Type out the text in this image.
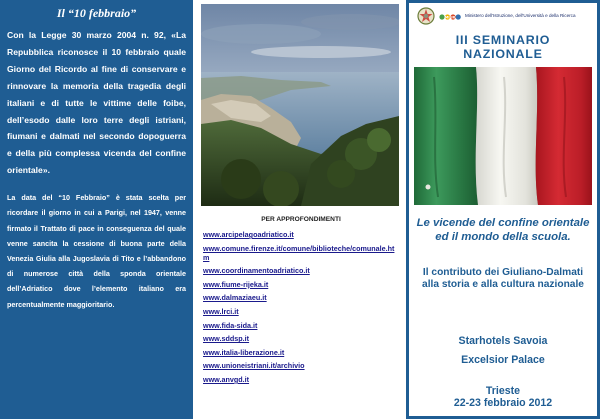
Il “10 febbraio”

Con la Legge 30 marzo 2004 n. 92, «La Repubblica riconosce il 10 febbraio quale Giorno del Ricordo al fine di conservare e rinnovare la memoria della tragedia degli italiani e di tutte le vittime delle foibe, dell’esodo dalle loro terre degli istriani, fiumani e dalmati nel secondo dopoguerra e della più complessa vicenda del confine orientale».

La data del “10 Febbraio” è stata scelta per ricordare il giorno in cui a Parigi, nel 1947, venne firmato il Trattato di pace in conseguenza del quale venne sancita la cessione di buona parte della Venezia Giulia alla Jugoslavia di Tito e l’abbandono di numerose città della sponda orientale dell’Adriatico dove l’elemento italiano era percentualmente maggioritario.

PER APPROFONDIMENTI
www.arcipelagoadriatico.it
www.comune.firenze.it/comune/biblioteche/comunale.htm
www.coordinamentoadriatico.it
www.fiume-rijeka.it
www.dalmaziaeu.it
www.lrci.it
www.fida-sida.it
www.sddsp.it
www.italia-liberazione.it
www.unioneistriani.it/archivio
www.anvgd.it
MIUR Ministero dell'Istruzione, dell'Università e della Ricerca
III SEMINARIO
NAZIONALE
Le vicende del confine orientale ed il mondo della scuola.
Il contributo dei Giuliano-Dalmati alla storia e alla cultura nazionale
Starhotels Savoia
Excelsior Palace
Trieste
22-23 febbraio 2012
